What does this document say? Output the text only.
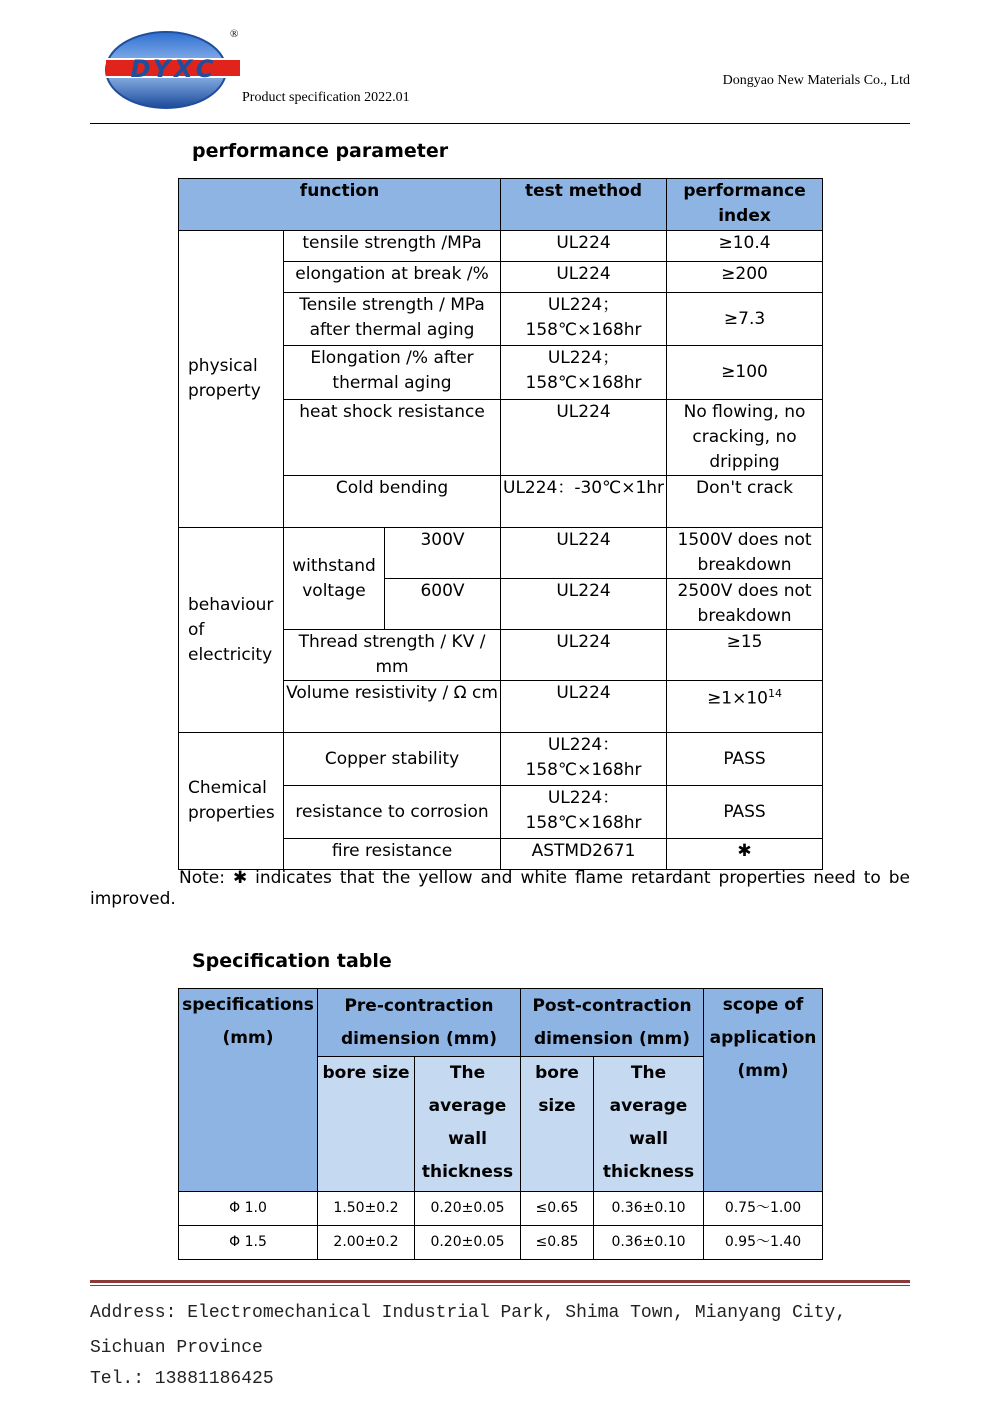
®
DYXC
Product specification 2022.01
Dongyao New Materials Co., Ltd
performance parameter
function			test method	performance index
physical property	tensile strength /MPa		UL224	≥10.4
	elongation at break /%		UL224	≥200
	Tensile strength / MPa after thermal aging		UL224；158℃×168hr	≥7.3
	Elongation /% after thermal aging		UL224；158℃×168hr	≥100
	heat shock resistance		UL224	No flowing, no cracking, no dripping
	Cold bending		UL224：-30℃×1hr	Don't crack
behaviour of electricity	withstand voltage	300V	UL224	1500V does not breakdown
		600V	UL224	2500V does not breakdown
	Thread strength / KV / mm		UL224	≥15
	Volume resistivity / Ω cm		UL224	$\ge 1\times 10^{14}$
Chemical properties	Copper stability		UL224：158℃×168hr	PASS
	resistance to corrosion		UL224：158℃×168hr	PASS
	fire resistance		ASTMD2671	✱
Note: ✱ indicates that the yellow and white flame retardant properties need to be improved.
Specification table
specifications (mm)	Pre-contraction dimension (mm)		Post-contraction dimension (mm)		scope of application (mm)
	bore size	The average wall thickness	bore size	The average wall thickness	
Φ 1.0	1.50±0.2	0.20±0.05	≤0.65	0.36±0.10	0.75～1.00
Φ 1.5	2.00±0.2	0.20±0.05	≤0.85	0.36±0.10	0.95～1.40
Address: Electromechanical Industrial Park, Shima Town, Mianyang City, Sichuan Province
Tel.: 13881186425
